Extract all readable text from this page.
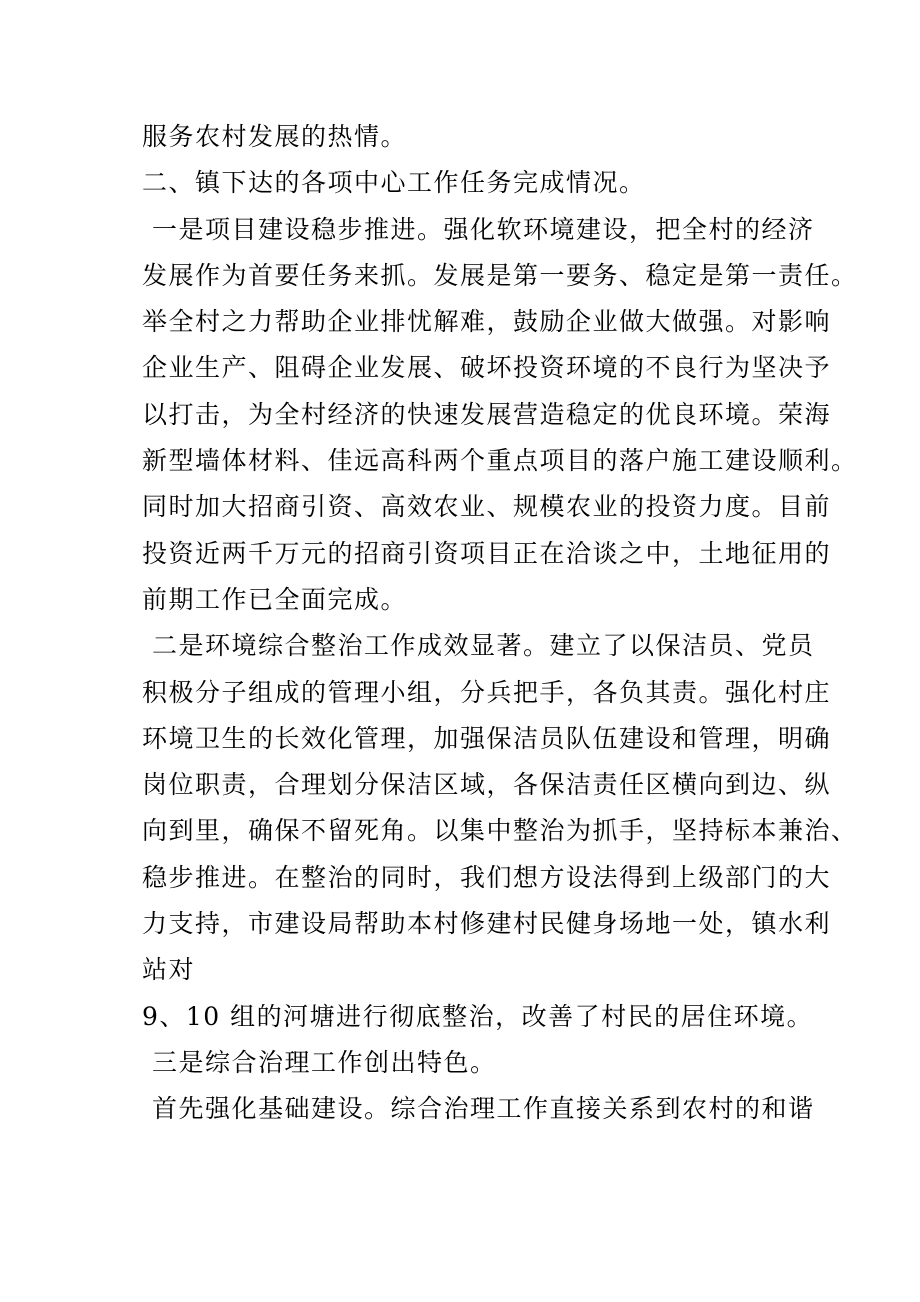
服务农村发展的热情。
二、镇下达的各项中心工作任务完成情况。
一是项目建设稳步推进。强化软环境建设，把全村的经济
发展作为首要任务来抓。发展是第一要务、稳定是第一责任。
举全村之力帮助企业排忧解难，鼓励企业做大做强。对影响
企业生产、阻碍企业发展、破坏投资环境的不良行为坚决予
以打击，为全村经济的快速发展营造稳定的优良环境。荣海
新型墙体材料、佳远高科两个重点项目的落户施工建设顺利。
同时加大招商引资、高效农业、规模农业的投资力度。目前
投资近两千万元的招商引资项目正在洽谈之中，土地征用的
前期工作已全面完成。
二是环境综合整治工作成效显著。建立了以保洁员、党员
积极分子组成的管理小组，分兵把手，各负其责。强化村庄
环境卫生的长效化管理，加强保洁员队伍建设和管理，明确
岗位职责，合理划分保洁区域，各保洁责任区横向到边、纵
向到里，确保不留死角。以集中整治为抓手，坚持标本兼治、
稳步推进。在整治的同时，我们想方设法得到上级部门的大
力支持，市建设局帮助本村修建村民健身场地一处，镇水利
站对
9、10 组的河塘进行彻底整治，改善了村民的居住环境。
三是综合治理工作创出特色。
首先强化基础建设。综合治理工作直接关系到农村的和谐
